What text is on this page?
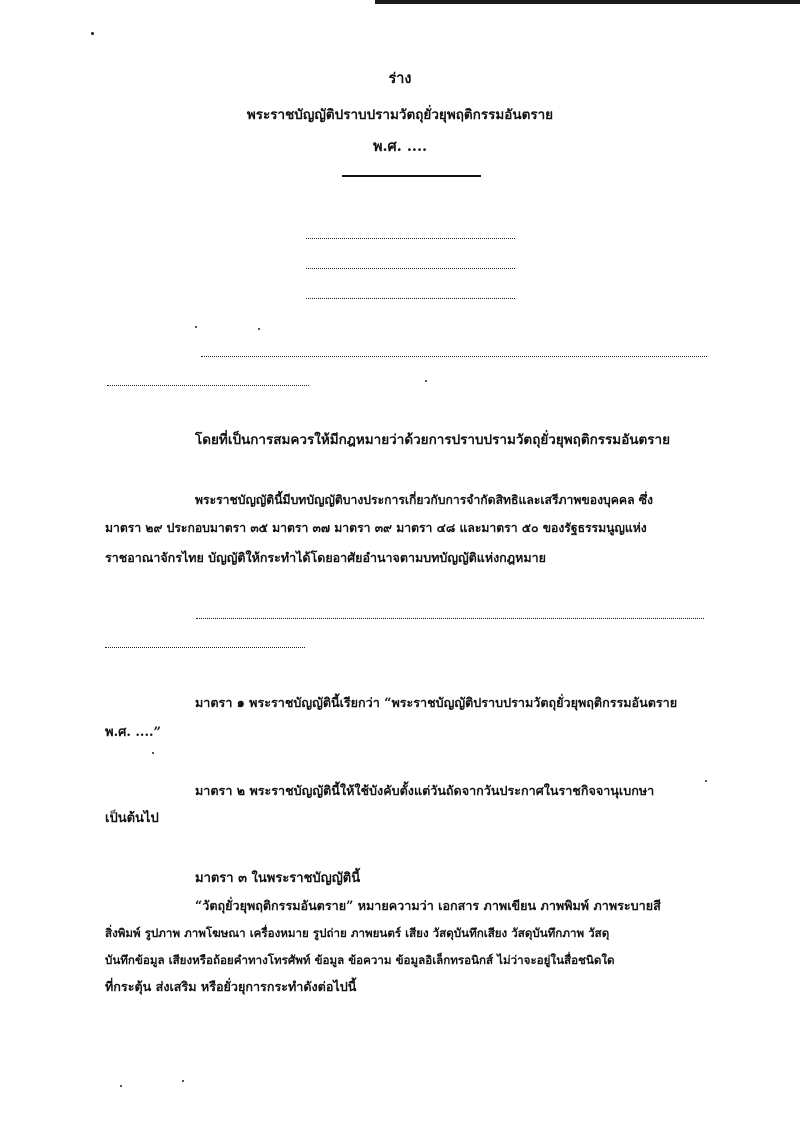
ร่าง
พระราชบัญญัติปราบปรามวัตถุยั่วยุพฤติกรรมอันตราย
พ.ศ. ....
โดยที่เป็นการสมควรให้มีกฎหมายว่าด้วยการปราบปรามวัตถุยั่วยุพฤติกรรมอันตราย
พระราชบัญญัตินี้มีบทบัญญัติบางประการเกี่ยวกับการจำกัดสิทธิและเสรีภาพของบุคคล ซึ่ง
มาตรา ๒๙ ประกอบมาตรา ๓๕ มาตรา ๓๗ มาตรา ๓๙ มาตรา ๔๘ และมาตรา ๕๐ ของรัฐธรรมนูญแห่ง
ราชอาณาจักรไทย บัญญัติให้กระทำได้โดยอาศัยอำนาจตามบทบัญญัติแห่งกฎหมาย
มาตรา ๑ พระราชบัญญัตินี้เรียกว่า “พระราชบัญญัติปราบปรามวัตถุยั่วยุพฤติกรรมอันตราย
พ.ศ. ....”
มาตรา ๒ พระราชบัญญัตินี้ให้ใช้บังคับตั้งแต่วันถัดจากวันประกาศในราชกิจจานุเบกษา
เป็นต้นไป
มาตรา ๓ ในพระราชบัญญัตินี้
“วัตถุยั่วยุพฤติกรรมอันตราย” หมายความว่า เอกสาร ภาพเขียน ภาพพิมพ์ ภาพระบายสี
สิ่งพิมพ์ รูปภาพ ภาพโฆษณา เครื่องหมาย รูปถ่าย ภาพยนตร์ เสียง วัสดุบันทึกเสียง วัสดุบันทึกภาพ วัสดุ
บันทึกข้อมูล เสียงหรือถ้อยคำทางโทรศัพท์ ข้อมูล ข้อความ ข้อมูลอิเล็กทรอนิกส์ ไม่ว่าจะอยู่ในสื่อชนิดใด
ที่กระตุ้น ส่งเสริม หรือยั่วยุการกระทำดังต่อไปนี้
